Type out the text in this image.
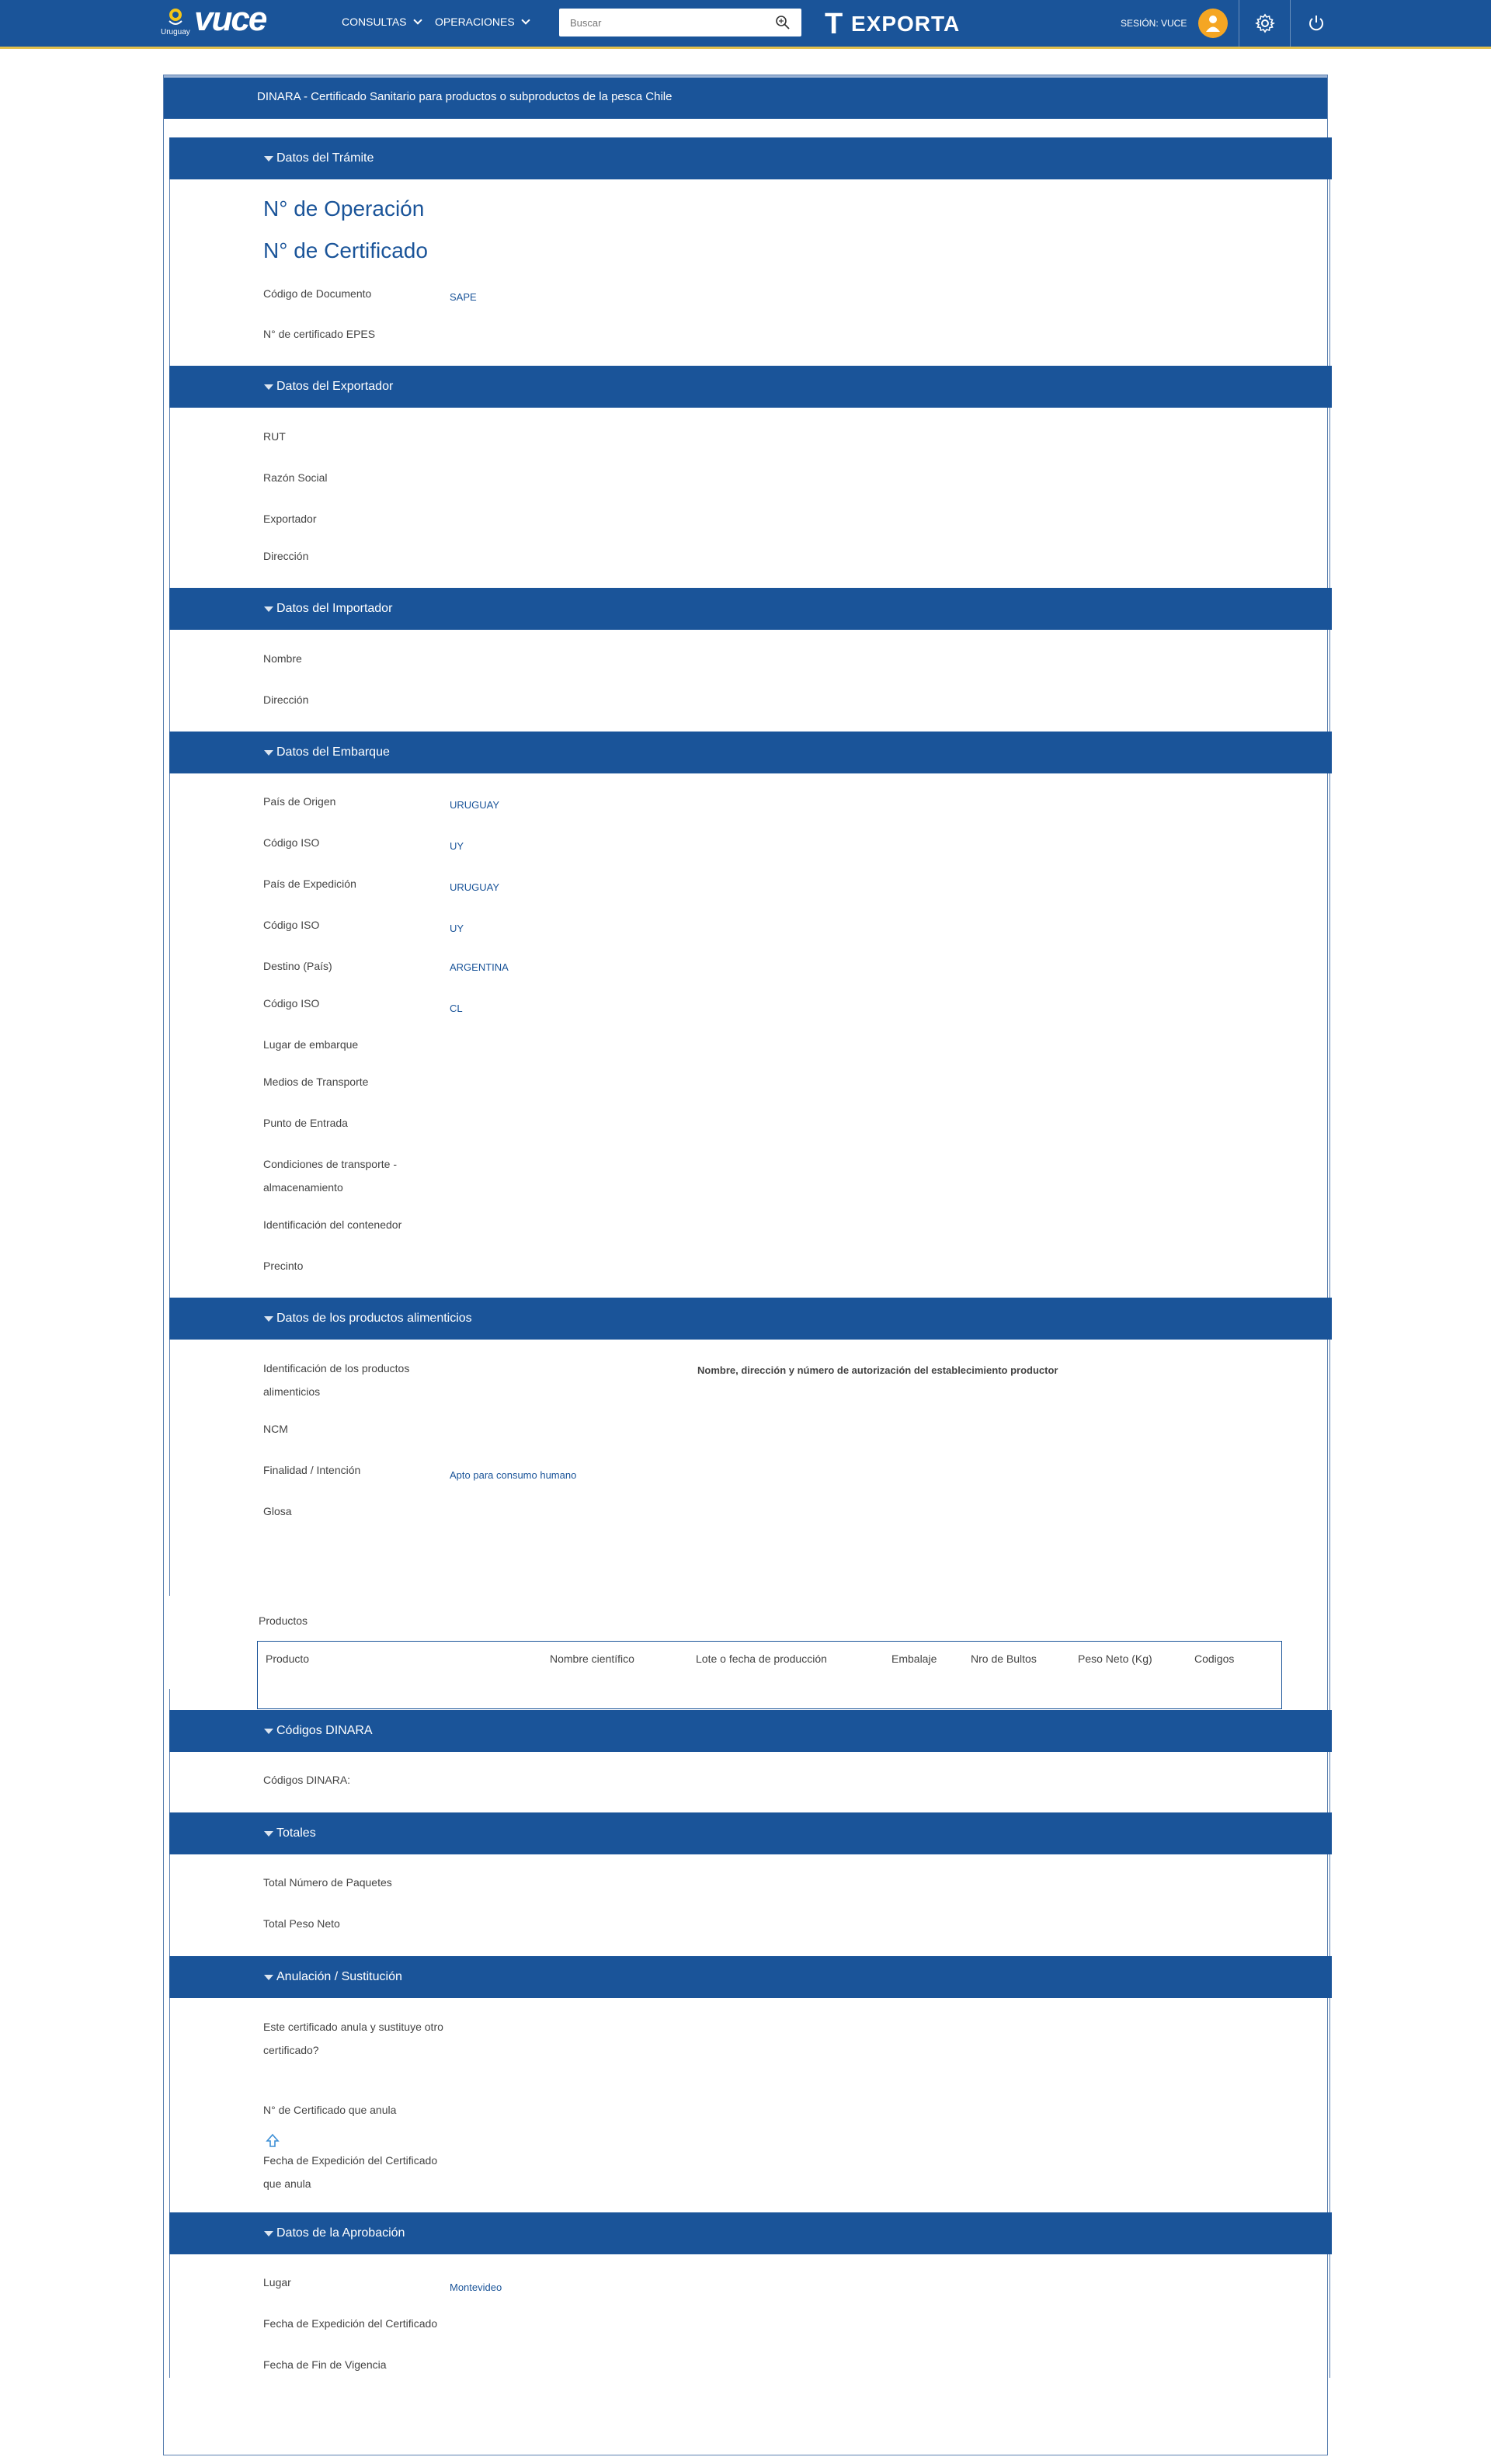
Uruguay vuce	CONSULTAS	OPERACIONES
Buscar	T EXPORTA	SESIÓN: VUCE
DINARA - Certificado Sanitario para productos o subproductos de la pesca Chile
Datos del Trámite
N° de Operación
N° de Certificado
Código de Documento	SAPE
N° de certificado EPES
Datos del Exportador
RUT
Razón Social
Exportador
Dirección
Datos del Importador
Nombre
Dirección
Datos del Embarque
País de Origen	URUGUAY
Código ISO	UY
País de Expedición	URUGUAY
Código ISO	UY
Destino (País)	ARGENTINA
Código ISO	CL
Lugar de embarque
Medios de Transporte
Punto de Entrada
Condiciones de transporte - almacenamiento
Identificación del contenedor
Precinto
Datos de los productos alimenticios
Identificación de los productos alimenticios
Nombre, dirección y número de autorización del establecimiento productor
NCM
Finalidad / Intención	Apto para consumo humano
Glosa
Productos
Producto	Nombre científico	Lote o fecha de producción	Embalaje	Nro de Bultos	Peso Neto (Kg)	Codigos
Códigos DINARA
Códigos DINARA:
Totales
Total Número de Paquetes
Total Peso Neto
Anulación / Sustitución
Este certificado anula y sustituye otro certificado?
N° de Certificado que anula
Fecha de Expedición del Certificado que anula
Datos de la Aprobación
Lugar	Montevideo
Fecha de Expedición del Certificado
Fecha de Fin de Vigencia
